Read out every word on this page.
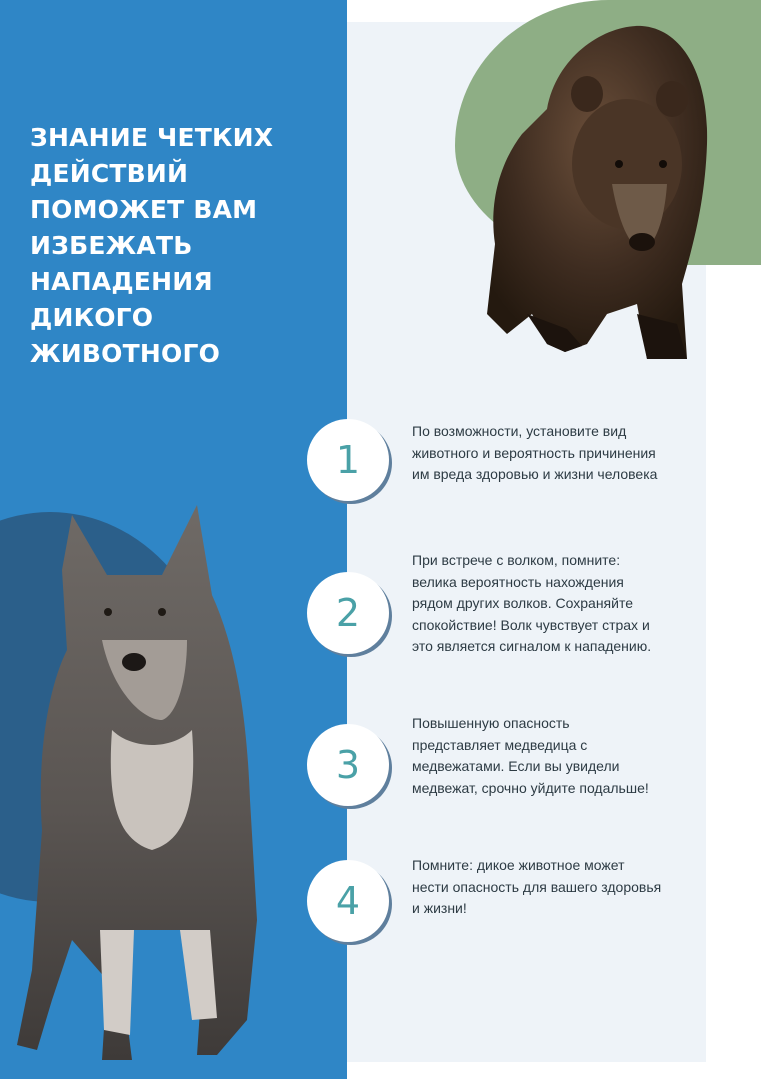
ЗНАНИЕ ЧЕТКИХ ДЕЙСТВИЙ ПОМОЖЕТ ВАМ ИЗБЕЖАТЬ НАПАДЕНИЯ ДИКОГО ЖИВОТНОГО
1

По возможности, установите вид животного и вероятность причинения им вреда здоровью и жизни человека

2

При встрече с волком, помните: велика вероятность нахождения рядом других волков. Сохраняйте спокойствие! Волк чувствует страх и это является сигналом к нападению.

3

Повышенную опасность представляет медведица с медвежатами. Если вы увидели медвежат, срочно уйдите подальше!

4

Помните: дикое животное может нести опасность для вашего здоровья и жизни!
